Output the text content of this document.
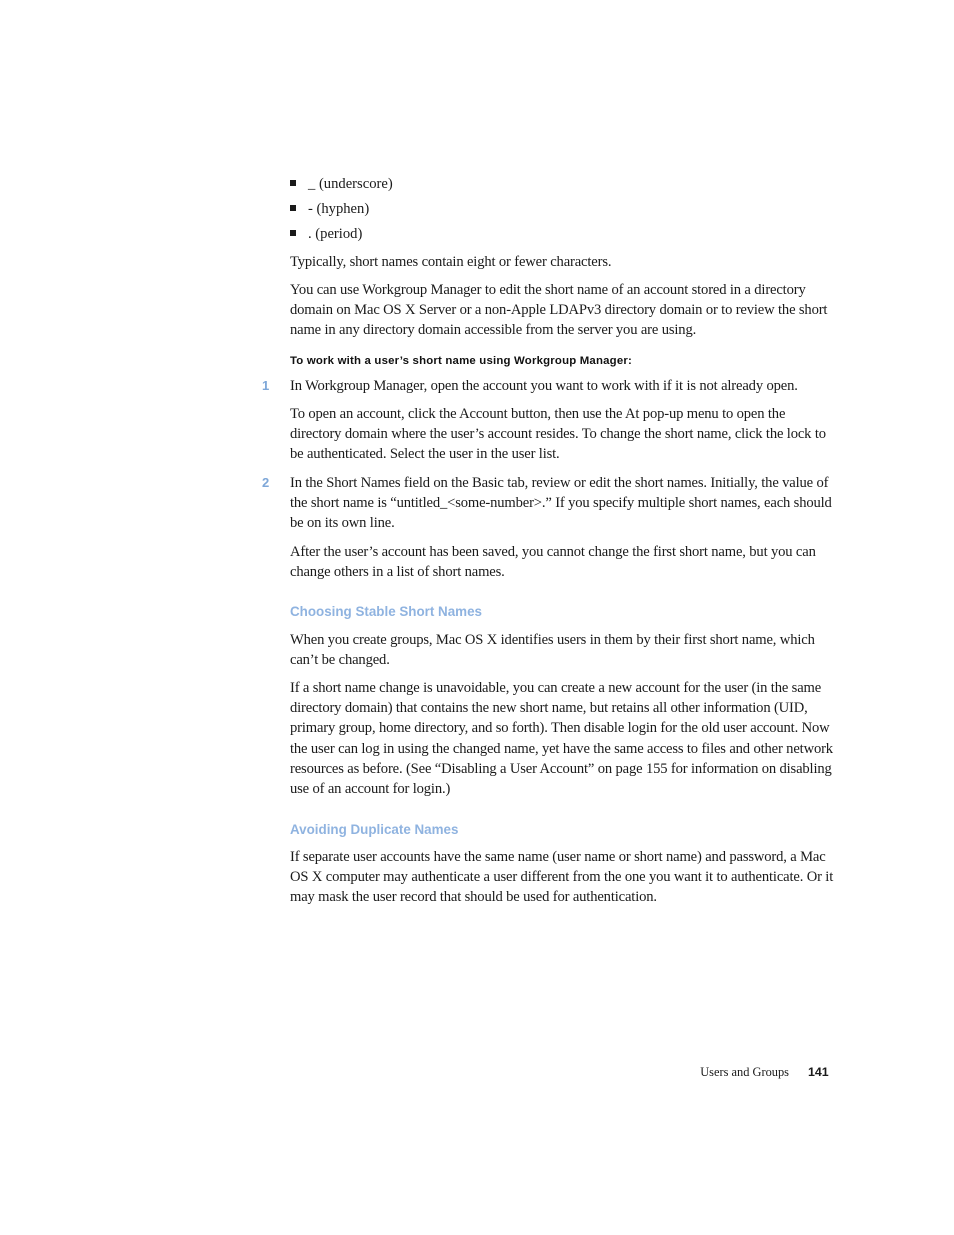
_ (underscore)

- (hyphen)

. (period)

Typically, short names contain eight or fewer characters.

You can use Workgroup Manager to edit the short name of an account stored in a directory domain on Mac OS X Server or a non-Apple LDAPv3 directory domain or to review the short name in any directory domain accessible from the server you are using.

To work with a user’s short name using Workgroup Manager:

1 In Workgroup Manager, open the account you want to work with if it is not already open.

To open an account, click the Account button, then use the At pop-up menu to open the directory domain where the user’s account resides. To change the short name, click the lock to be authenticated. Select the user in the user list.

2 In the Short Names field on the Basic tab, review or edit the short names. Initially, the value of the short name is “untitled_<some-number>.” If you specify multiple short names, each should be on its own line.

After the user’s account has been saved, you cannot change the first short name, but you can change others in a list of short names.

Choosing Stable Short Names

When you create groups, Mac OS X identifies users in them by their first short name, which can’t be changed.

If a short name change is unavoidable, you can create a new account for the user (in the same directory domain) that contains the new short name, but retains all other information (UID, primary group, home directory, and so forth). Then disable login for the old user account. Now the user can log in using the changed name, yet have the same access to files and other network resources as before. (See “Disabling a User Account” on page 155 for information on disabling use of an account for login.)

Avoiding Duplicate Names

If separate user accounts have the same name (user name or short name) and password, a Mac OS X computer may authenticate a user different from the one you want it to authenticate. Or it may mask the user record that should be used for authentication.

Users and Groups 141
